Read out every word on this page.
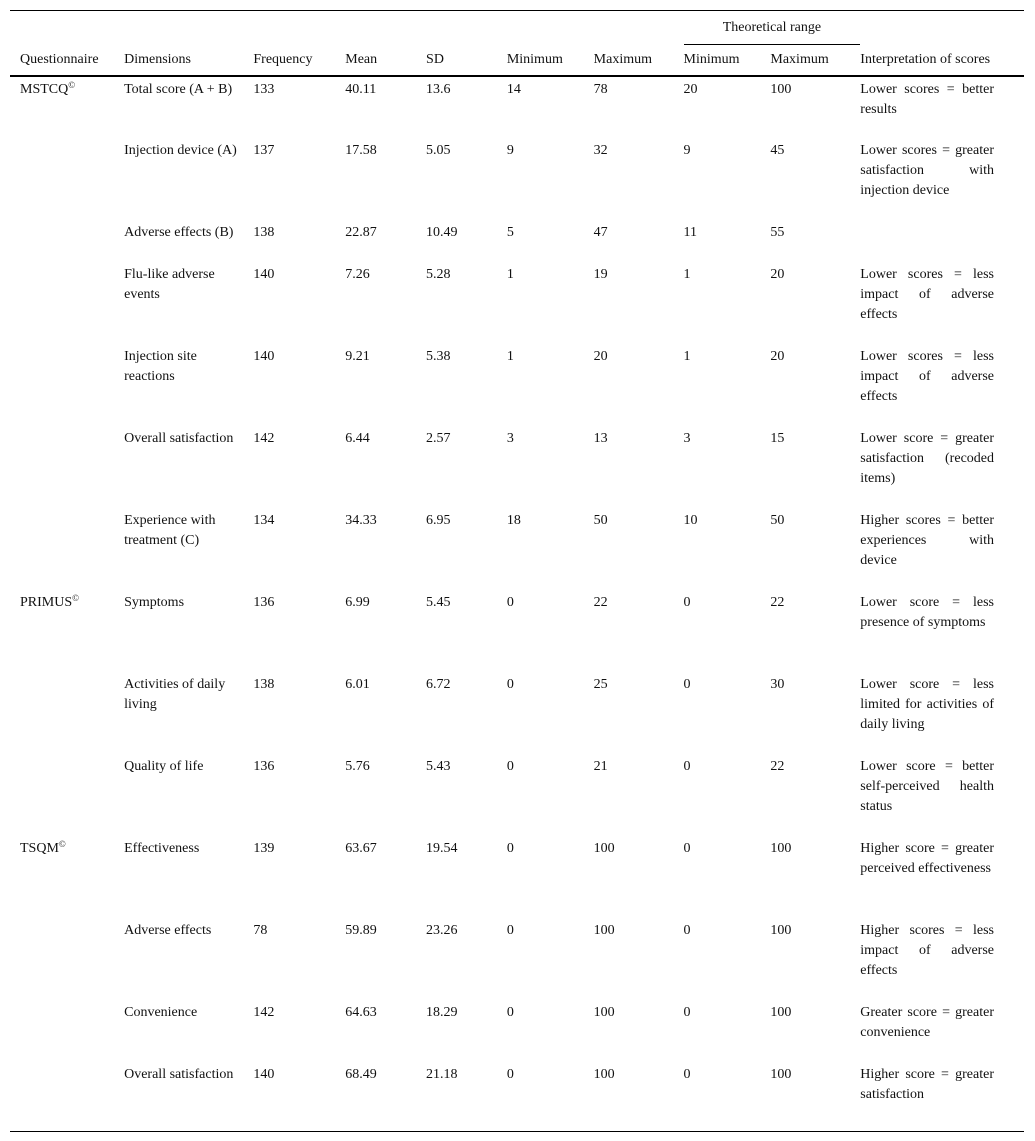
							Theoretical range		
Questionnaire	Dimensions	Frequency	Mean	SD	Minimum	Maximum	Minimum	Maximum	Interpretation of scores
MSTCQ©	Total score (A + B)	133	40.11	13.6	14	78	20	100	Lower scores = better results
	Injection device (A)	137	17.58	5.05	9	32	9	45	Lower scores = greater satisfaction with injection device
	Adverse effects (B)	138	22.87	10.49	5	47	11	55	
	Flu-like adverse events	140	7.26	5.28	1	19	1	20	Lower scores = less impact of adverse effects
	Injection site reactions	140	9.21	5.38	1	20	1	20	Lower scores = less impact of adverse effects
	Overall satisfaction	142	6.44	2.57	3	13	3	15	Lower score = greater satisfaction (recoded items)
	Experience with treatment (C)	134	34.33	6.95	18	50	10	50	Higher scores = better experiences with device
PRIMUS©	Symptoms	136	6.99	5.45	0	22	0	22	Lower score = less presence of symptoms
	Activities of daily living	138	6.01	6.72	0	25	0	30	Lower score = less limited for activities of daily living
	Quality of life	136	5.76	5.43	0	21	0	22	Lower score = better self-perceived health status
TSQM©	Effectiveness	139	63.67	19.54	0	100	0	100	Higher score = greater perceived effectiveness
	Adverse effects	78	59.89	23.26	0	100	0	100	Higher scores = less impact of adverse effects
	Convenience	142	64.63	18.29	0	100	0	100	Greater score = greater convenience
	Overall satisfaction	140	68.49	21.18	0	100	0	100	Higher score = greater satisfaction
